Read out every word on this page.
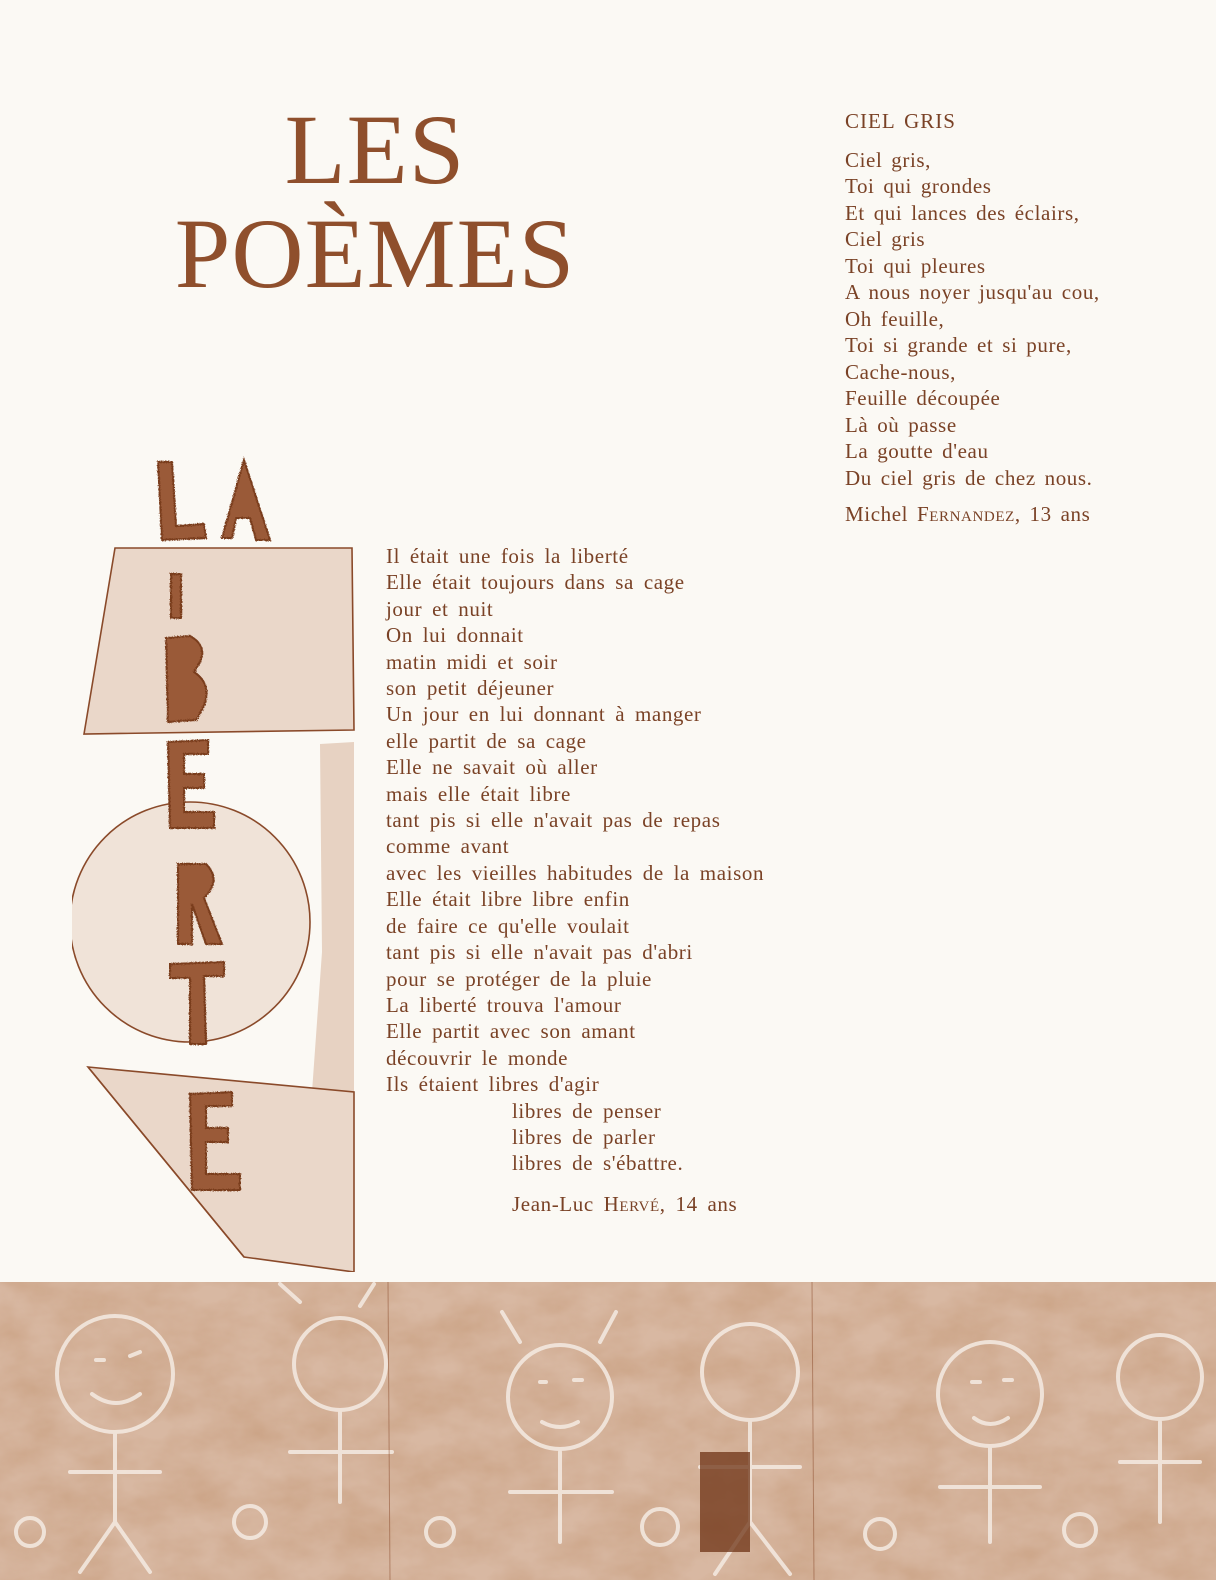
LES
POÈMES
CIEL GRIS
Ciel gris,
Toi qui grondes
Et qui lances des éclairs,
Ciel gris
Toi qui pleures
A nous noyer jusqu'au cou,
Oh feuille,
Toi si grande et si pure,
Cache-nous,
Feuille découpée
Là où passe
La goutte d'eau
Du ciel gris de chez nous.
Michel Fernandez, 13 ans
Il était une fois la liberté
Elle était toujours dans sa cage
jour et nuit
On lui donnait
matin midi et soir
son petit déjeuner
Un jour en lui donnant à manger
elle partit de sa cage
Elle ne savait où aller
mais elle était libre
tant pis si elle n'avait pas de repas
comme avant
avec les vieilles habitudes de la maison
Elle était libre libre enfin
de faire ce qu'elle voulait
tant pis si elle n'avait pas d'abri
pour se protéger de la pluie
La liberté trouva l'amour
Elle partit avec son amant
découvrir le monde
Ils étaient libres d'agir
libres de penser
libres de parler
libres de s'ébattre.
Jean-Luc Hervé, 14 ans
